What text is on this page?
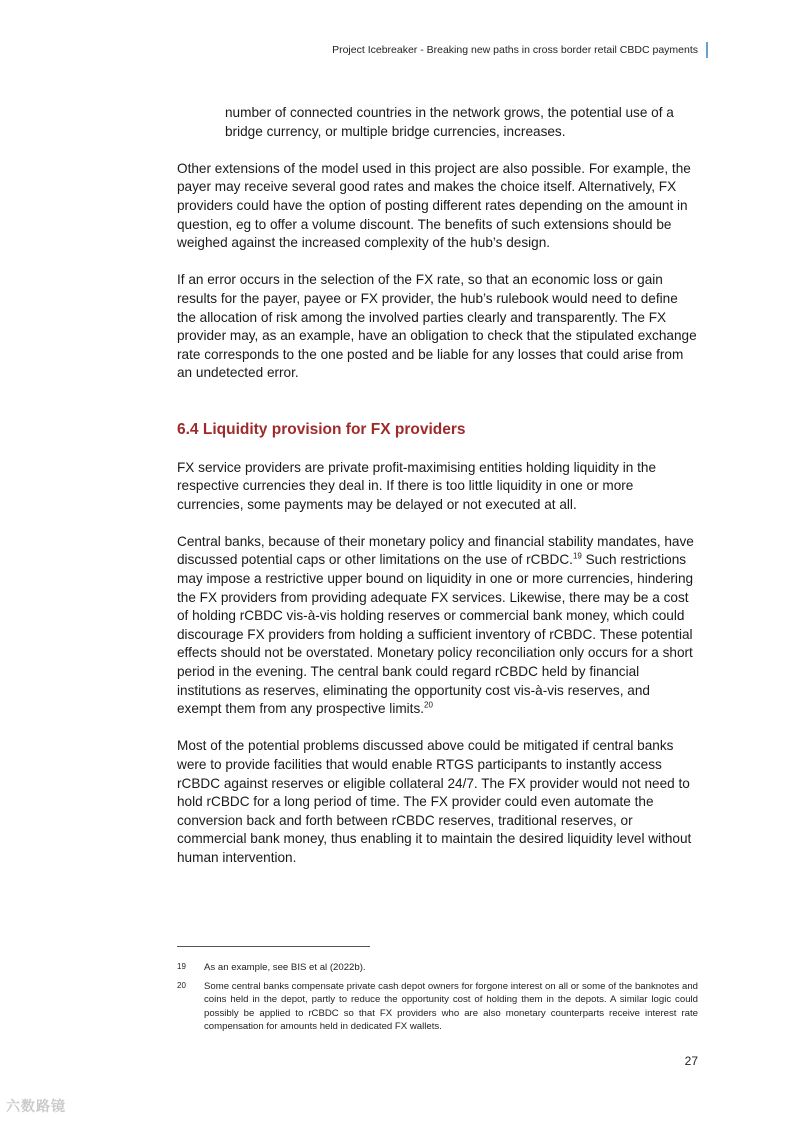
Project Icebreaker - Breaking new paths in cross border retail CBDC payments

number of connected countries in the network grows, the potential use of a bridge currency, or multiple bridge currencies, increases.

Other extensions of the model used in this project are also possible. For example, the payer may receive several good rates and makes the choice itself. Alternatively, FX providers could have the option of posting different rates depending on the amount in question, eg to offer a volume discount. The benefits of such extensions should be weighed against the increased complexity of the hub’s design.

If an error occurs in the selection of the FX rate, so that an economic loss or gain results for the payer, payee or FX provider, the hub’s rulebook would need to define the allocation of risk among the involved parties clearly and transparently. The FX provider may, as an example, have an obligation to check that the stipulated exchange rate corresponds to the one posted and be liable for any losses that could arise from an undetected error.

6.4 Liquidity provision for FX providers

FX service providers are private profit-maximising entities holding liquidity in the respective currencies they deal in. If there is too little liquidity in one or more currencies, some payments may be delayed or not executed at all.

Central banks, because of their monetary policy and financial stability mandates, have discussed potential caps or other limitations on the use of rCBDC.$^{19}$ Such restrictions may impose a restrictive upper bound on liquidity in one or more currencies, hindering the FX providers from providing adequate FX services. Likewise, there may be a cost of holding rCBDC vis-à-vis holding reserves or commercial bank money, which could discourage FX providers from holding a sufficient inventory of rCBDC. These potential effects should not be overstated. Monetary policy reconciliation only occurs for a short period in the evening. The central bank could regard rCBDC held by financial institutions as reserves, eliminating the opportunity cost vis-à-vis reserves, and exempt them from any prospective limits.$^{20}$

Most of the potential problems discussed above could be mitigated if central banks were to provide facilities that would enable RTGS participants to instantly access rCBDC against reserves or eligible collateral 24/7. The FX provider would not need to hold rCBDC for a long period of time. The FX provider could even automate the conversion back and forth between rCBDC reserves, traditional reserves, or commercial bank money, thus enabling it to maintain the desired liquidity level without human intervention.

19	As an example, see BIS et al (2022b).
20	Some central banks compensate private cash depot owners for forgone interest on all or some of the banknotes and coins held in the depot, partly to reduce the opportunity cost of holding them in the depots. A similar logic could possibly be applied to rCBDC so that FX providers who are also monetary counterparts receive interest rate compensation for amounts held in dedicated FX wallets.
27
六数路镜
